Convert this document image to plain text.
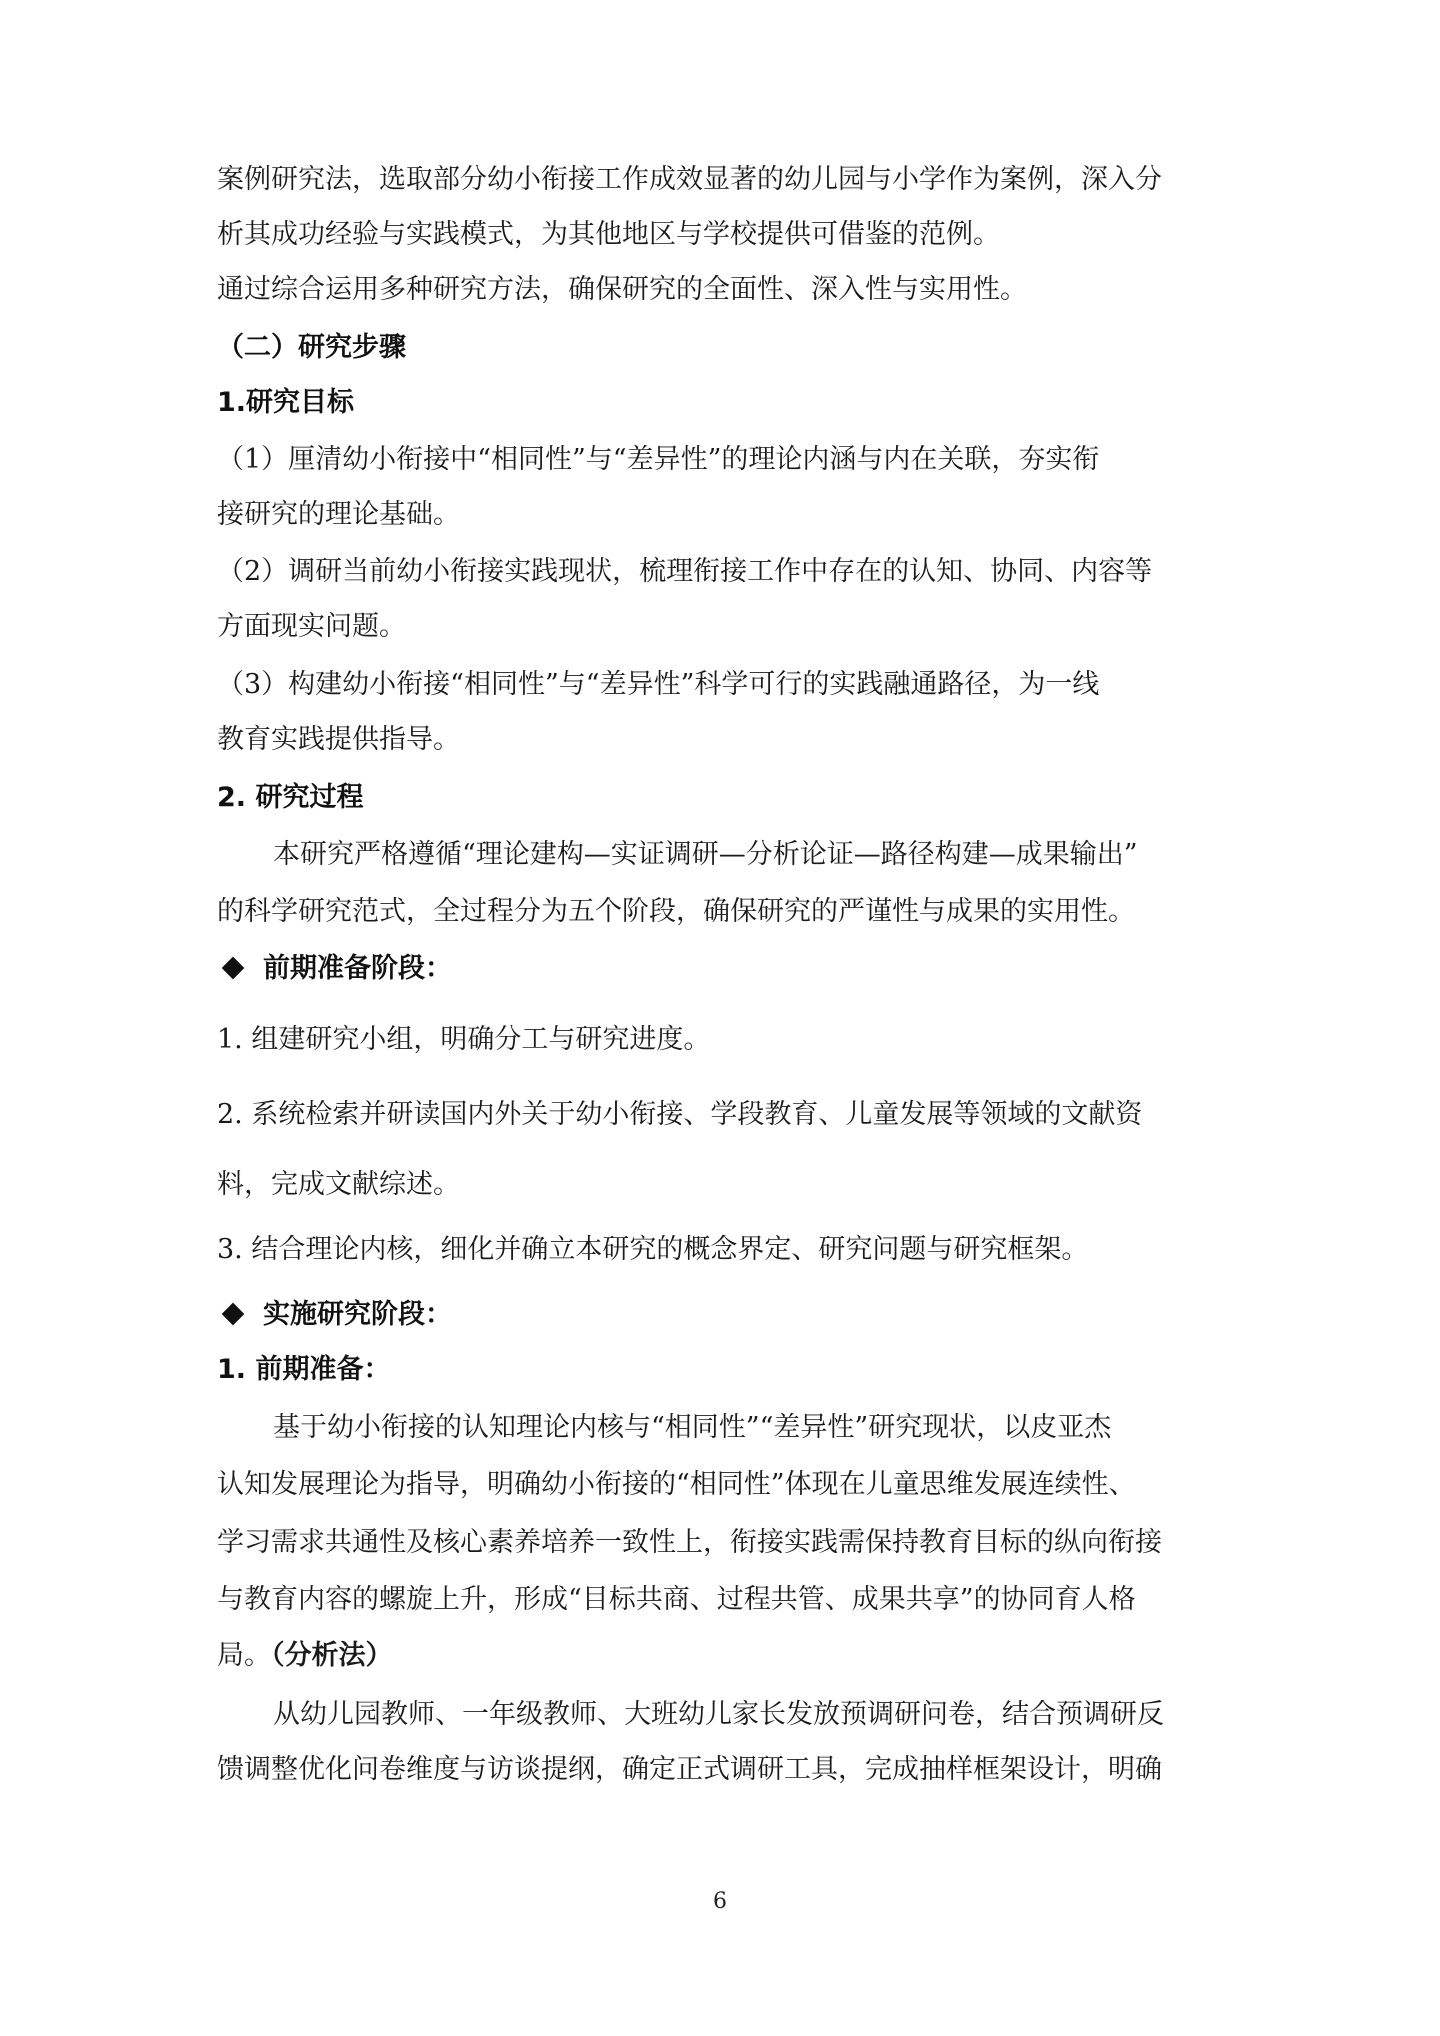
案例研究法，选取部分幼小衔接工作成效显著的幼儿园与小学作为案例，深入分
析其成功经验与实践模式，为其他地区与学校提供可借鉴的范例。
通过综合运用多种研究方法，确保研究的全面性、深入性与实用性。
（二）研究步骤
1.研究目标
（1）厘清幼小衔接中“相同性”与“差异性”的理论内涵与内在关联，夯实衔
接研究的理论基础。
（2）调研当前幼小衔接实践现状，梳理衔接工作中存在的认知、协同、内容等
方面现实问题。
（3）构建幼小衔接“相同性”与“差异性”科学可行的实践融通路径，为一线
教育实践提供指导。
2. 研究过程
本研究严格遵循“理论建构—实证调研—分析论证—路径构建—成果输出”
的科学研究范式，全过程分为五个阶段，确保研究的严谨性与成果的实用性。
前期准备阶段：
1. 组建研究小组，明确分工与研究进度。
2. 系统检索并研读国内外关于幼小衔接、学段教育、儿童发展等领域的文献资
料，完成文献综述。
3. 结合理论内核，细化并确立本研究的概念界定、研究问题与研究框架。
实施研究阶段：
1. 前期准备：
基于幼小衔接的认知理论内核与“相同性”“差异性”研究现状，以皮亚杰
认知发展理论为指导，明确幼小衔接的“相同性”体现在儿童思维发展连续性、
学习需求共通性及核心素养培养一致性上，衔接实践需保持教育目标的纵向衔接
与教育内容的螺旋上升，形成“目标共商、过程共管、成果共享”的协同育人格
局。（分析法）
从幼儿园教师、一年级教师、大班幼儿家长发放预调研问卷，结合预调研反
馈调整优化问卷维度与访谈提纲，确定正式调研工具，完成抽样框架设计，明确
6
